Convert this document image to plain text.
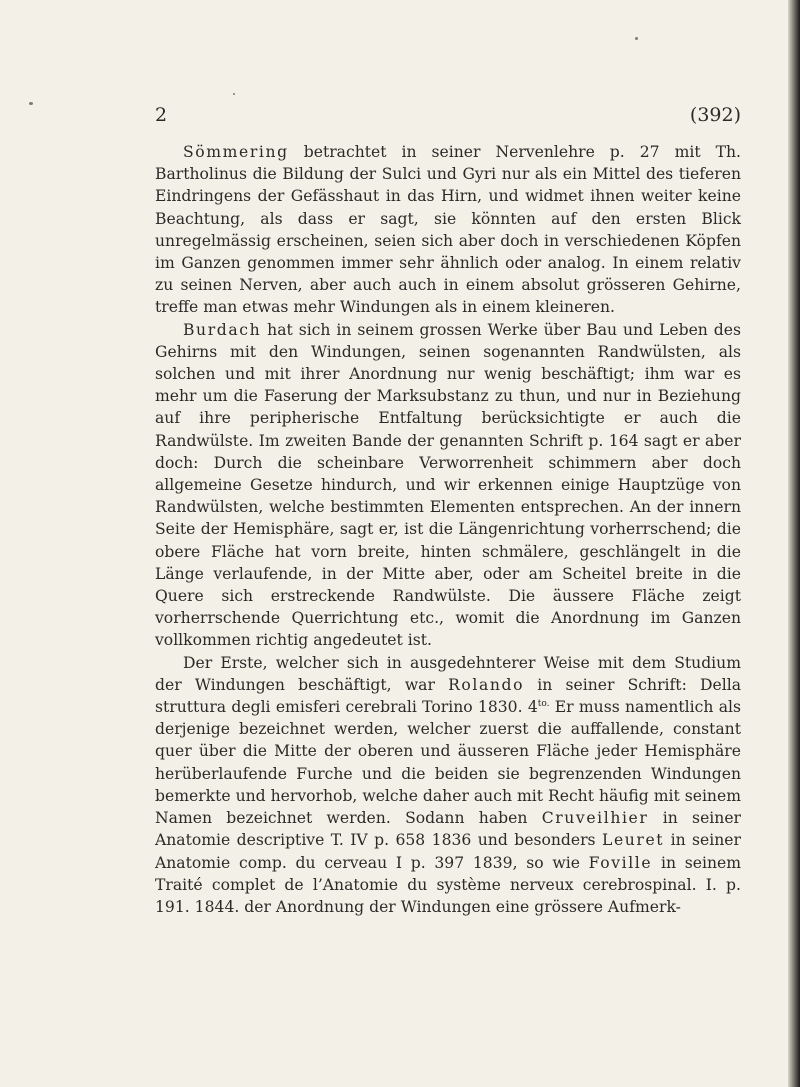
2	(392)

Sömmering betrachtet in seiner Nervenlehre p. 27 mit Th. Bartholinus die Bildung der Sulci und Gyri nur als ein Mittel des tieferen Eindringens der Gefässhaut in das Hirn, und widmet ihnen weiter keine Beachtung, als dass er sagt, sie könnten auf den ersten Blick unregelmässig erscheinen, seien sich aber doch in verschiedenen Köpfen im Ganzen genommen immer sehr ähnlich oder analog. In einem relativ zu seinen Nerven, aber auch auch in einem absolut grösseren Gehirne, treffe man etwas mehr Windungen als in einem kleineren.

Burdach hat sich in seinem grossen Werke über Bau und Leben des Gehirns mit den Windungen, seinen sogenannten Randwülsten, als solchen und mit ihrer Anordnung nur wenig beschäftigt; ihm war es mehr um die Faserung der Marksubstanz zu thun, und nur in Beziehung auf ihre peripherische Entfaltung berücksichtigte er auch die Randwülste. Im zweiten Bande der genannten Schrift p. 164 sagt er aber doch: Durch die scheinbare Verworrenheit schimmern aber doch allgemeine Gesetze hindurch, und wir erkennen einige Hauptzüge von Randwülsten, welche bestimmten Elementen entsprechen. An der innern Seite der Hemisphäre, sagt er, ist die Längenrichtung vorherrschend; die obere Fläche hat vorn breite, hinten schmälere, geschlängelt in die Länge verlaufende, in der Mitte aber, oder am Scheitel breite in die Quere sich erstreckende Randwülste. Die äussere Fläche zeigt vorherrschende Querrichtung etc., womit die Anordnung im Ganzen vollkommen richtig angedeutet ist.

Der Erste, welcher sich in ausgedehnterer Weise mit dem Studium der Windungen beschäftigt, war Rolando in seiner Schrift: Della struttura degli emisferi cerebrali Torino 1830. $4^{to.}$ Er muss namentlich als derjenige bezeichnet werden, welcher zuerst die auffallende, constant quer über die Mitte der oberen und äusseren Fläche jeder Hemisphäre herüberlaufende Furche und die beiden sie begrenzenden Windungen bemerkte und hervorhob, welche daher auch mit Recht häufig mit seinem Namen bezeichnet werden. Sodann haben Cruveilhier in seiner Anatomie descriptive T. IV p. 658 1836 und besonders Leuret in seiner Anatomie comp. du cerveau I p. 397 1839, so wie Foville in seinem Traité complet de l’Anatomie du système nerveux cerebrospinal. I. p. 191. 1844. der Anordnung der Windungen eine grössere Aufmerk-
